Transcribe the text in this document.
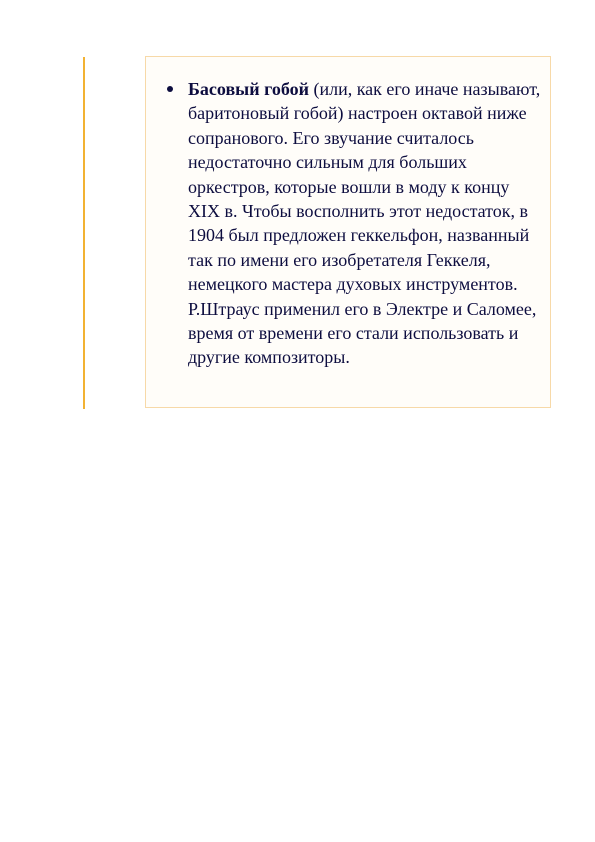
Басовый гобой (или, как его иначе называют, баритоновый гобой) настроен октавой ниже сопранового. Его звучание считалось недостаточно сильным для больших оркестров, которые вошли в моду к концу XIX в. Чтобы восполнить этот недостаток, в 1904 был предложен геккельфон, названный так по имени его изобретателя Геккеля, немецкого мастера духовых инструментов. Р.Штраус применил его в Электре и Саломее, время от времени его стали использовать и другие композиторы.
